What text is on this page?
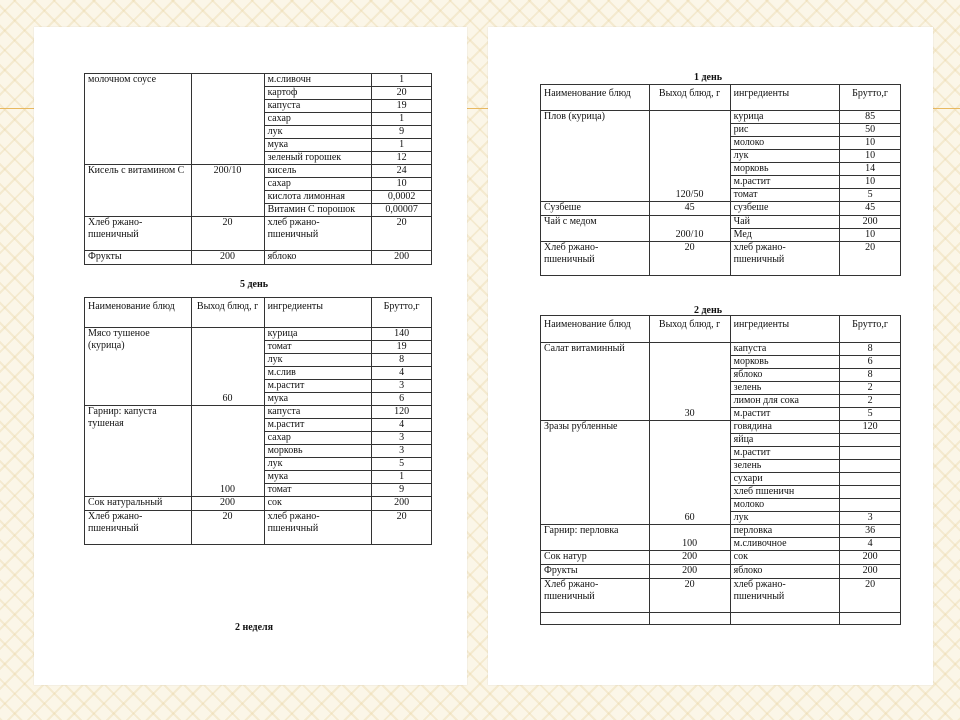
молочном соусе		м.сливочн	1
		картоф	20
		капуста	19
		сахар	1
		лук	9
		мука	1
		зеленый горошек	12
Кисель с витамином С	200/10	кисель	24
		сахар	10
		кислота лимонная	0,0002
		Витамин С порошок	0,00007
Хлеб ржано-пшеничный	20	хлеб ржано-пшеничный	20
Фрукты	200	яблоко	200
5 день
Наименование блюд	Выход блюд, г	ингредиенты	Брутто,г
Мясо тушеное (курица)	60	курица	140
		томат	19
		лук	8
		м.слив	4
		м.растит	3
		мука	6
Гарнир: капуста тушеная	100	капуста	120
		м.растит	4
		сахар	3
		морковь	3
		лук	5
		мука	1
		томат	9
Сок натуральный	200	сок	200
Хлеб ржано-пшеничный	20	хлеб ржано-пшеничный	20
2 неделя
1 день
Наименование блюд	Выход блюд, г	ингредиенты	Брутто,г
Плов (курица)	120/50	курица	85
		рис	50
		молоко	10
		лук	10
		морковь	14
		м.растит	10
		томат	5
Сузбеше	45	сузбеше	45
Чай с медом	200/10	Чай	200
		Мед	10
Хлеб ржано-пшеничный	20	хлеб ржано-пшеничный	20
2 день
Наименование блюд	Выход блюд, г	ингредиенты	Брутто,г
Салат витаминный	30	капуста	8
		морковь	6
		яблоко	8
		зелень	2
		лимон для сока	2
		м.растит	5
Зразы рубленные	60	говядина	120
		яйца	
		м.растит	
		зелень	
		сухари	
		хлеб пшеничн	
		молоко	
		лук	3
Гарнир: перловка	100	перловка	36
		м.сливочное	4
Сок натур	200	сок	200
Фрукты	200	яблоко	200
Хлеб ржано-пшеничный	20	хлеб ржано-пшеничный	20
